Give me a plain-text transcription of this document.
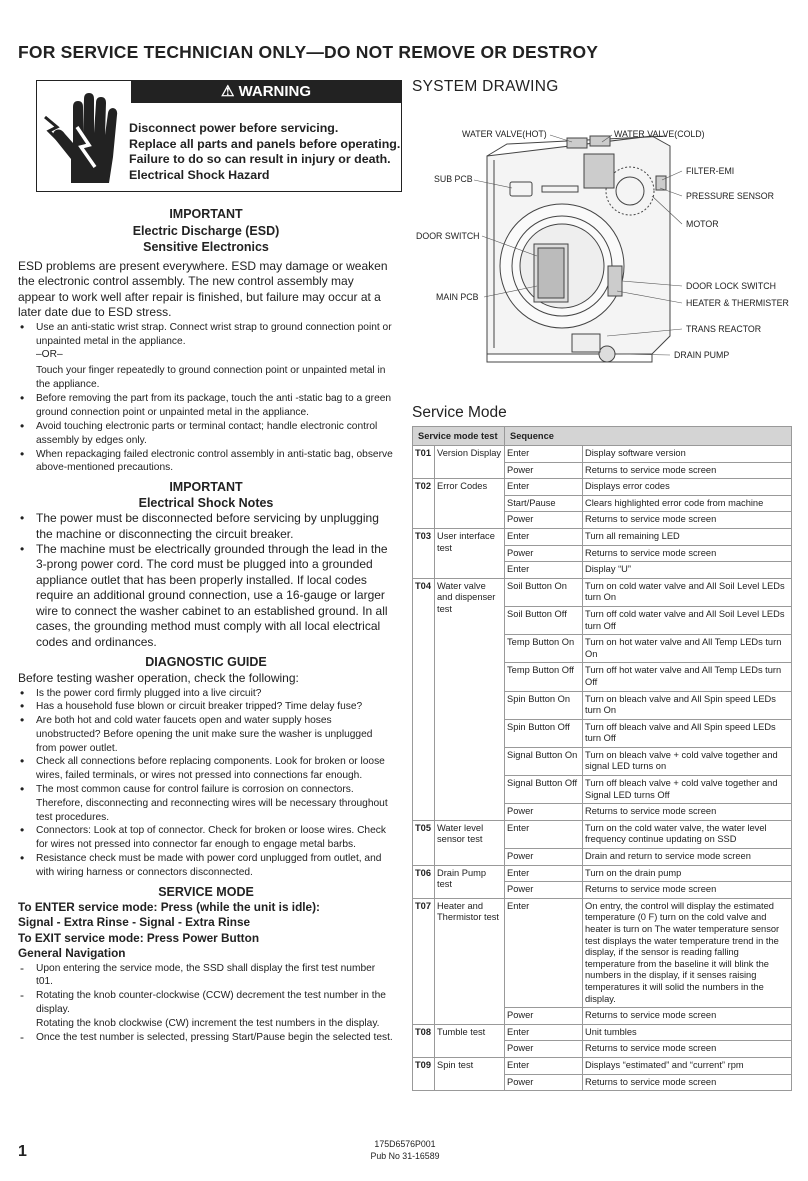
FOR SERVICE TECHNICIAN ONLY—DO NOT REMOVE OR DESTROY
⚠ WARNING
Disconnect power before servicing.
Replace all parts and panels before operating.
Failure to do so can result in injury or death.
Electrical Shock Hazard
IMPORTANT
Electric Discharge (ESD)
Sensitive Electronics
ESD problems are present everywhere. ESD may damage or weaken the electronic control assembly. The new control assembly may appear to work well after repair is finished, but failure may occur at a later date due to ESD stress.
• Use an anti-static wrist strap. Connect wrist strap to ground connection point or unpainted metal in the appliance.
–OR–
Touch your finger repeatedly to ground connection point or unpainted metal in the appliance.
• Before removing the part from its package, touch the anti -static bag to a green ground connection point or unpainted metal in the appliance.
• Avoid touching electronic parts or terminal contact; handle electronic control assembly by edges only.
• When repackaging failed electronic control assembly in anti-static bag, observe above-mentioned precautions.
IMPORTANT
Electrical Shock Notes
• The power must be disconnected before servicing by unplugging the machine or disconnecting the circuit breaker.
• The machine must be electrically grounded through the lead in the 3-prong power cord. The cord must be plugged into a grounded appliance outlet that has been properly installed. If local codes require an additional ground connection, use a 16-gauge or larger wire to connect the washer cabinet to an established ground. In all cases, the grounding method must comply with all local electrical codes and ordinances.
DIAGNOSTIC GUIDE
Before testing washer operation, check the following:
• Is the power cord firmly plugged into a live circuit?
• Has a household fuse blown or circuit breaker tripped? Time delay fuse?
• Are both hot and cold water faucets open and water supply hoses unobstructed? Before opening the unit make sure the washer is unplugged from power outlet.
• Check all connections before replacing components. Look for broken or loose wires, failed terminals, or wires not pressed into connections far enough.
• The most common cause for control failure is corrosion on connectors. Therefore, disconnecting and reconnecting wires will be necessary throughout test procedures.
• Connectors: Look at top of connector. Check for broken or loose wires. Check for wires not pressed into connector far enough to engage metal barbs.
• Resistance check must be made with power cord unplugged from outlet, and with wiring harness or connectors disconnected.
SERVICE MODE
To ENTER service mode: Press (while the unit is idle):
Signal - Extra Rinse - Signal - Extra Rinse
To EXIT service mode: Press Power Button
General Navigation
- Upon entering the service mode, the SSD shall display the first test number t01.
- Rotating the knob counter-clockwise (CCW) decrement the test number in the display.
Rotating the knob clockwise (CW) increment the test numbers in the display.
- Once the test number is selected, pressing Start/Pause begin the selected test.
SYSTEM DRAWING
WATER VALVE(HOT)	WATER VALVE(COLD)
SUB PCB
FILTER-EMI
PRESSURE SENSOR
MOTOR
DOOR SWITCH
MAIN PCB
DOOR LOCK SWITCH
HEATER & THERMISTER
TRANS REACTOR
DRAIN PUMP
Service Mode
Service mode test		Sequence	
T01	Version Display	Enter	Display software version
		Power	Returns to service mode screen
T02	Error Codes	Enter	Displays error codes
		Start/Pause	Clears highlighted error code from machine
		Power	Returns to service mode screen
T03	User interface test	Enter	Turn all remaining LED
		Power	Returns to service mode screen
		Enter	Display “U”
T04	Water valve and dispenser test	Soil Button On	Turn on cold water valve and All Soil Level LEDs turn On
		Soil Button Off	Turn off cold water valve and All Soil Level LEDs turn Off
		Temp Button On	Turn on hot water valve and All Temp LEDs turn On
		Temp Button Off	Turn off hot water valve and All Temp LEDs turn Off
		Spin Button On	Turn on bleach valve and All Spin speed LEDs turn On
		Spin Button Off	Turn off bleach valve and All Spin speed LEDs turn Off
		Signal Button On	Turn on bleach valve + cold valve together and signal LED turns on
		Signal Button Off	Turn off bleach valve + cold valve together and Signal LED turns Off
		Power	Returns to service mode screen
T05	Water level sensor test	Enter	Turn on the cold water valve, the water level frequency continue updating on SSD
		Power	Drain and return to service mode screen
T06	Drain Pump test	Enter	Turn on the drain pump
		Power	Returns to service mode screen
T07	Heater and Thermistor test	Enter	On entry, the control will display the estimated temperature (0 F) turn on the cold valve and heater is turn on The water temperature sensor test displays the water temperature trend in the display, if the sensor is reading falling temperature from the baseline it will blink the numbers in the display, if it senses raising temperatures it will solid the numbers in the display.
		Power	Returns to service mode screen
T08	Tumble test	Enter	Unit tumbles
		Power	Returns to service mode screen
T09	Spin test	Enter	Displays “estimated” and “current” rpm
		Power	Returns to service mode screen
1	175D6576P001
Pub No 31-16589
